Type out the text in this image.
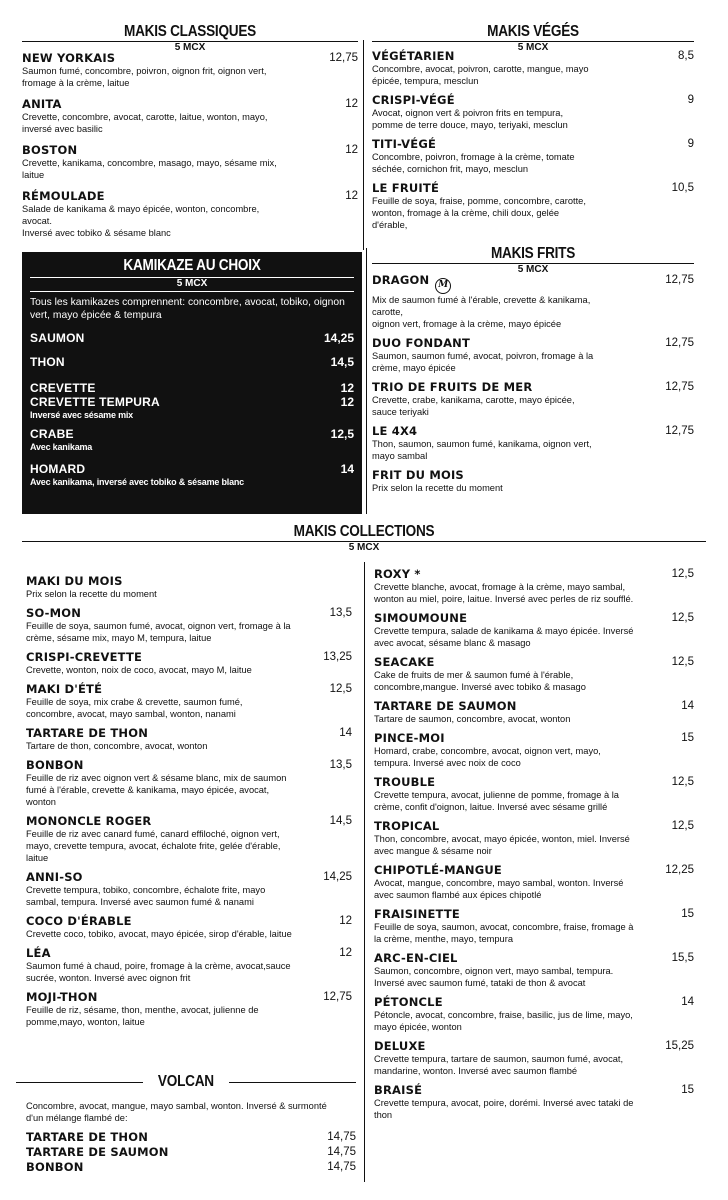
MAKIS CLASSIQUES
5 MCX
NEW YORKAIS	12,75
Saumon fumé, concombre, poivron, oignon frit, oignon vert, fromage à la crème, laitue
ANITA	12
Crevette, concombre, avocat, carotte, laitue, wonton, mayo, inversé avec basilic
BOSTON	12
Crevette, kanikama, concombre, masago, mayo, sésame mix, laitue
RÉMOULADE	12
Salade de kanikama & mayo épicée, wonton, concombre, avocat.
Inversé avec tobiko & sésame blanc
MAKIS VÉGÉS
5 MCX
VÉGÉTARIEN	8,5
Concombre, avocat, poivron, carotte, mangue, mayo épicée, tempura, mesclun
CRISPI-VÉGÉ	9
Avocat, oignon vert & poivron frits en tempura, pomme de terre douce, mayo, teriyaki, mesclun
TITI-VÉGÉ	9
Concombre, poivron, fromage à la crème, tomate séchée, cornichon frit, mayo, mesclun
LE FRUITÉ	10,5
Feuille de soya, fraise, pomme, concombre, carotte, wonton, fromage à la crème, chili doux, gelée d'érable,
KAMIKAZE AU CHOIX
5 MCX
Tous les kamikazes comprennent: concombre, avocat, tobiko, oignon vert, mayo épicée & tempura
SAUMON	14,25
THON	14,5
CREVETTE	12
CREVETTE TEMPURA	12
Inversé avec sésame mix
CRABE	12,5
Avec kanikama
HOMARD	14
Avec kanikama, inversé avec tobiko & sésame blanc
MAKIS FRITS
5 MCX
DRAGON M	12,75
Mix de saumon fumé à l'érable, crevette & kanikama, carotte,
oignon vert, fromage à la crème, mayo épicée
DUO FONDANT	12,75
Saumon, saumon fumé, avocat, poivron, fromage à la crème, mayo épicée
TRIO DE FRUITS DE MER	12,75
Crevette, crabe, kanikama, carotte, mayo épicée, sauce teriyaki
LE 4X4	12,75
Thon, saumon, saumon fumé, kanikama, oignon vert, mayo sambal
FRIT DU MOIS
Prix selon la recette du moment
MAKIS COLLECTIONS
5 MCX
MAKI DU MOIS
Prix selon la recette du moment
SO-MON	13,5
Feuille de soya, saumon fumé, avocat, oignon vert, fromage à la crème, sésame mix, mayo M, tempura, laitue
CRISPI-CREVETTE	13,25
Crevette, wonton, noix de coco, avocat, mayo M, laitue
MAKI D'ÉTÉ	12,5
Feuille de soya, mix crabe & crevette, saumon fumé, concombre, avocat, mayo sambal, wonton, nanami
TARTARE DE THON	14
Tartare de thon, concombre, avocat, wonton
BONBON	13,5
Feuille de riz avec oignon vert & sésame blanc, mix de saumon fumé à l'érable, crevette & kanikama, mayo épicée, avocat, wonton
MONONCLE ROGER	14,5
Feuille de riz avec canard fumé, canard effiloché, oignon vert, mayo, crevette tempura, avocat, échalote frite, gelée d'érable, laitue
ANNI-SO	14,25
Crevette tempura, tobiko, concombre, échalote frite, mayo sambal, tempura. Inversé avec saumon fumé & nanami
COCO D'ÉRABLE	12
Crevette coco, tobiko, avocat, mayo épicée, sirop d'érable, laitue
LÉA	12
Saumon fumé à chaud, poire, fromage à la crème, avocat,sauce sucrée, wonton. Inversé avec oignon frit
MOJI-THON	12,75
Feuille de riz, sésame, thon, menthe, avocat, julienne de pomme,mayo, wonton, laitue
ROXY *	12,5
Crevette blanche, avocat, fromage à la crème, mayo sambal, wonton au miel, poire, laitue. Inversé avec perles de riz soufflé.
SIMOUMOUNE	12,5
Crevette tempura, salade de kanikama & mayo épicée. Inversé avec avocat, sésame blanc & masago
SEACAKE	12,5
Cake de fruits de mer & saumon fumé à l'érable, concombre,mangue. Inversé avec tobiko & masago
TARTARE DE SAUMON	14
Tartare de saumon, concombre, avocat, wonton
PINCE-MOI	15
Homard, crabe, concombre, avocat, oignon vert, mayo, tempura. Inversé avec noix de coco
TROUBLE	12,5
Crevette tempura, avocat, julienne de pomme, fromage à la crème, confit d'oignon, laitue. Inversé avec sésame grillé
TROPICAL	12,5
Thon, concombre, avocat, mayo épicée, wonton, miel. Inversé avec mangue & sésame noir
CHIPOTLÉ-MANGUE	12,25
Avocat, mangue, concombre, mayo sambal, wonton. Inversé avec saumon flambé aux épices chipotlé
FRAISINETTE	15
Feuille de soya, saumon, avocat, concombre, fraise, fromage à la crème, menthe, mayo, tempura
ARC-EN-CIEL	15,5
Saumon, concombre, oignon vert, mayo sambal, tempura. Inversé avec saumon fumé, tataki de thon & avocat
PÉTONCLE	14
Pétoncle, avocat, concombre, fraise, basilic, jus de lime, mayo, mayo épicée, wonton
DELUXE	15,25
Crevette tempura, tartare de saumon, saumon fumé, avocat, mandarine, wonton. Inversé avec saumon flambé
BRAISÉ	15
Crevette tempura, avocat, poire, dorémi. Inversé avec tataki de thon
VOLCAN
Concombre, avocat, mangue, mayo sambal, wonton. Inversé & surmonté d'un mélange flambé de:
TARTARE DE THON	14,75
TARTARE DE SAUMON	14,75
BONBON	14,75
